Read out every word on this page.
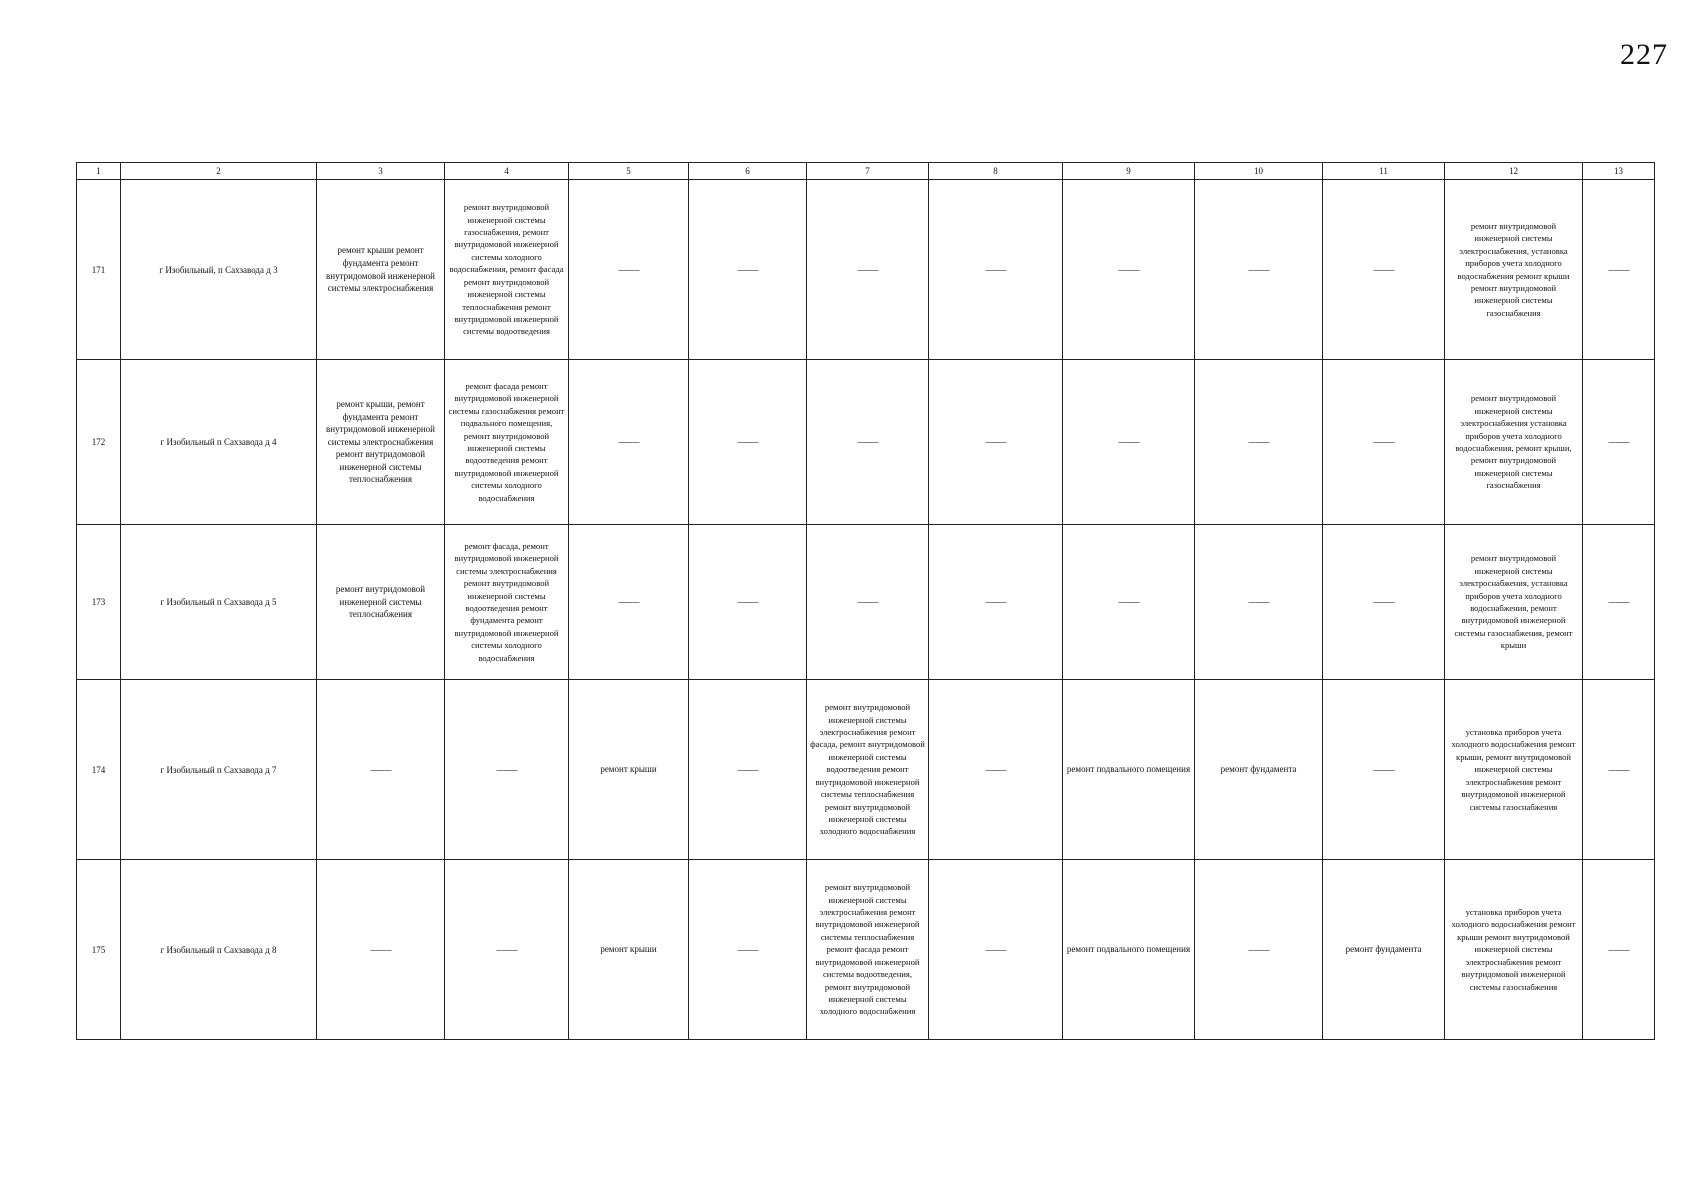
227
1	2	3	4	5	6	7	8	9	10	11	12	13
171	г Изобильный, п Сахзавода д 3	ремонт крыши ремонт фундамента ремонт внутридомовой инженерной системы электроснабжения	ремонт внутридомовой инженерной системы газоснабжения, ремонт внутридомовой инженерной системы холодного водоснабжения, ремонт фасада ремонт внутридомовой инженерной системы теплоснабжения ремонт внутридомовой инженерной системы водоотведения	——	——	——	——	——	——	——	ремонт внутридомовой инженерной системы электроснабжения, установка приборов учета холодного водоснабжения ремонт крыши ремонт внутридомовой инженерной системы газоснабжения	——
172	г Изобильный п Сахзавода д 4	ремонт крыши, ремонт фундамента ремонт внутридомовой инженерной системы электроснабжения ремонт внутридомовой инженерной системы теплоснабжения	ремонт фасада ремонт внутридомовой инженерной системы газоснабжения ремонт подвального помещения, ремонт внутридомовой инженерной системы водоотведения ремонт внутридомовой инженерной системы холодного водоснабжения	——	——	——	——	——	——	——	ремонт внутридомовой инженерной системы электроснабжения установка приборов учета холодного водоснабжения, ремонт крыши, ремонт внутридомовой инженерной системы газоснабжения	——
173	г Изобильный п Сахзавода д 5	ремонт внутридомовой инженерной системы теплоснабжения	ремонт фасада, ремонт внутридомовой инженерной системы электроснабжения ремонт внутридомовой инженерной системы водоотведения ремонт фундамента ремонт внутридомовой инженерной системы холодного водоснабжения	——	——	——	——	——	——	——	ремонт внутридомовой инженерной системы электроснабжения, установка приборов учета холодного водоснабжения, ремонт внутридомовой инженерной системы газоснабжения, ремонт крыши	——
174	г Изобильный п Сахзавода д 7	——	——	ремонт крыши	——	ремонт внутридомовой инженерной системы электроснабжения ремонт фасада, ремонт внутридомовой инженерной системы водоотведения ремонт внутридомовой инженерной системы теплоснабжения ремонт внутридомовой инженерной системы холодного водоснабжения	——	ремонт подвального помещения	ремонт фундамента	——	установка приборов учета холодного водоснабжения ремонт крыши, ремонт внутридомовой инженерной системы электроснабжения ремонт внутридомовой инженерной системы газоснабжения	——
175	г Изобильный п Сахзавода д 8	——	——	ремонт крыши	——	ремонт внутридомовой инженерной системы электроснабжения ремонт внутридомовой инженерной системы теплоснабжения ремонт фасада ремонт внутридомовой инженерной системы водоотведения, ремонт внутридомовой инженерной системы холодного водоснабжения	——	ремонт подвального помещения	——	ремонт фундамента	установка приборов учета холодного водоснабжения ремонт крыши ремонт внутридомовой инженерной системы электроснабжения ремонт внутридомовой инженерной системы газоснабжения	——
